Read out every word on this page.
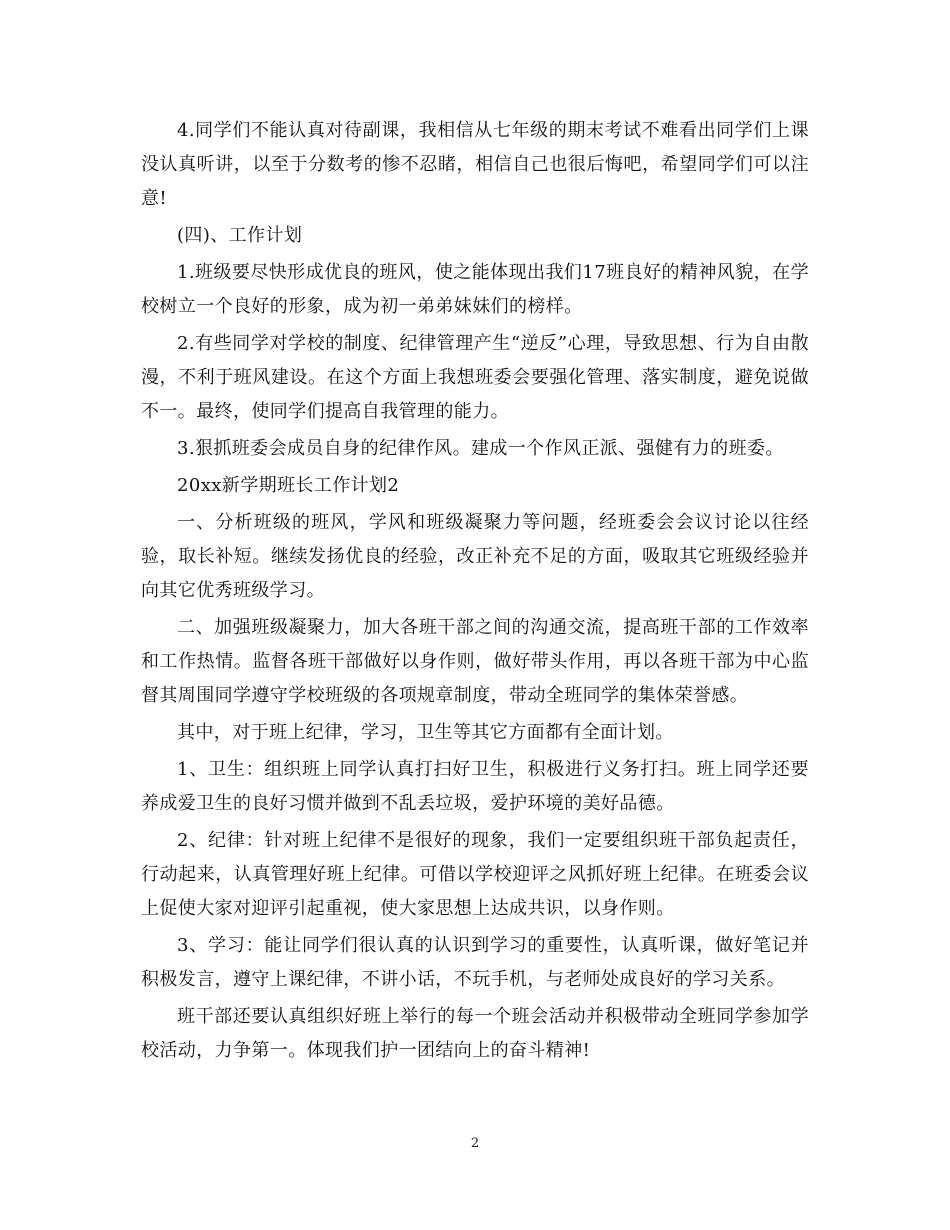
4.同学们不能认真对待副课，我相信从七年级的期末考试不难看出同学们上课没认真听讲，以至于分数考的惨不忍睹，相信自己也很后悔吧，希望同学们可以注意!

(四)、工作计划

1.班级要尽快形成优良的班风，使之能体现出我们17班良好的精神风貌，在学校树立一个良好的形象，成为初一弟弟妹妹们的榜样。

2.有些同学对学校的制度、纪律管理产生“逆反”心理，导致思想、行为自由散漫，不利于班风建设。在这个方面上我想班委会要强化管理、落实制度，避免说做不一。最终，使同学们提高自我管理的能力。

3.狠抓班委会成员自身的纪律作风。建成一个作风正派、强健有力的班委。

20xx新学期班长工作计划2

一、分析班级的班风，学风和班级凝聚力等问题，经班委会会议讨论以往经验，取长补短。继续发扬优良的经验，改正补充不足的方面，吸取其它班级经验并向其它优秀班级学习。

二、加强班级凝聚力，加大各班干部之间的沟通交流，提高班干部的工作效率和工作热情。监督各班干部做好以身作则，做好带头作用，再以各班干部为中心监督其周围同学遵守学校班级的各项规章制度，带动全班同学的集体荣誉感。

其中，对于班上纪律，学习，卫生等其它方面都有全面计划。

1、卫生：组织班上同学认真打扫好卫生，积极进行义务打扫。班上同学还要养成爱卫生的良好习惯并做到不乱丢垃圾，爱护环境的美好品德。

2、纪律：针对班上纪律不是很好的现象，我们一定要组织班干部负起责任，行动起来，认真管理好班上纪律。可借以学校迎评之风抓好班上纪律。在班委会议上促使大家对迎评引起重视，使大家思想上达成共识，以身作则。

3、学习：能让同学们很认真的认识到学习的重要性，认真听课，做好笔记并积极发言，遵守上课纪律，不讲小话，不玩手机，与老师处成良好的学习关系。

班干部还要认真组织好班上举行的每一个班会活动并积极带动全班同学参加学校活动，力争第一。体现我们护一团结向上的奋斗精神!

2
